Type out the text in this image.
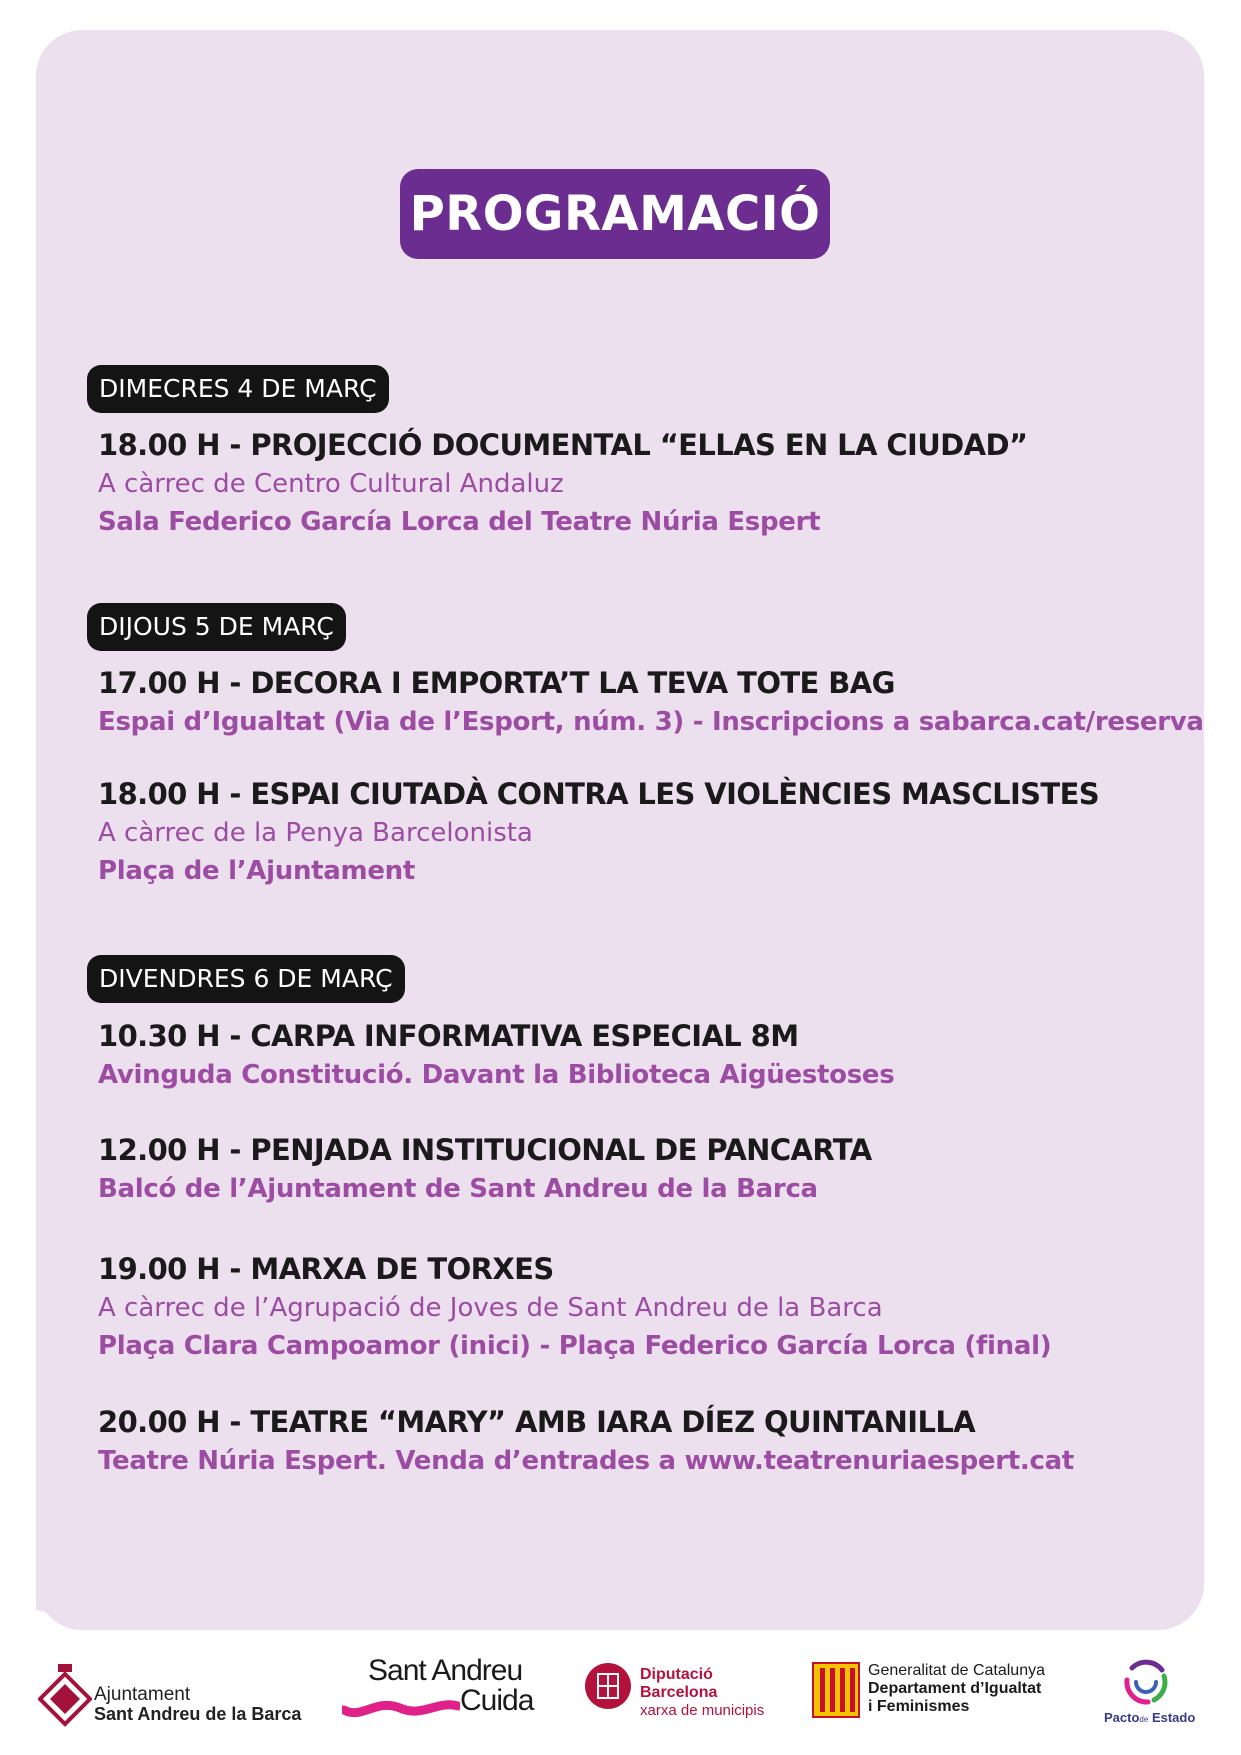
PROGRAMACIÓ
DIMECRES 4 DE MARÇ
18.00 H - PROJECCIÓ DOCUMENTAL “ELLAS EN LA CIUDAD”
A càrrec de Centro Cultural Andaluz
Sala Federico García Lorca del Teatre Núria Espert
DIJOUS 5 DE MARÇ
17.00 H - DECORA I EMPORTA’T LA TEVA TOTE BAG
Espai d’Igualtat (Via de l’Esport, núm. 3) - Inscripcions a sabarca.cat/reserva
18.00 H - ESPAI CIUTADÀ CONTRA LES VIOLÈNCIES MASCLISTES
A càrrec de la Penya Barcelonista
Plaça de l’Ajuntament
DIVENDRES 6 DE MARÇ
10.30 H - CARPA INFORMATIVA ESPECIAL 8M
Avinguda Constitució. Davant la Biblioteca Aigüestoses
12.00 H - PENJADA INSTITUCIONAL DE PANCARTA
Balcó de l’Ajuntament de Sant Andreu de la Barca
19.00 H - MARXA DE TORXES
A càrrec de l’Agrupació de Joves de Sant Andreu de la Barca
Plaça Clara Campoamor (inici) - Plaça Federico García Lorca (final)
20.00 H - TEATRE “MARY” AMB IARA DÍEZ QUINTANILLA
Teatre Núria Espert. Venda d’entrades a www.teatrenuriaespert.cat
Ajuntament
Sant Andreu de la Barca
Sant Andreu
Cuida
Diputació
Barcelona
xarxa de municipis
Generalitat de Catalunya
Departament d’Igualtat
i Feminismes
Pactode Estado
